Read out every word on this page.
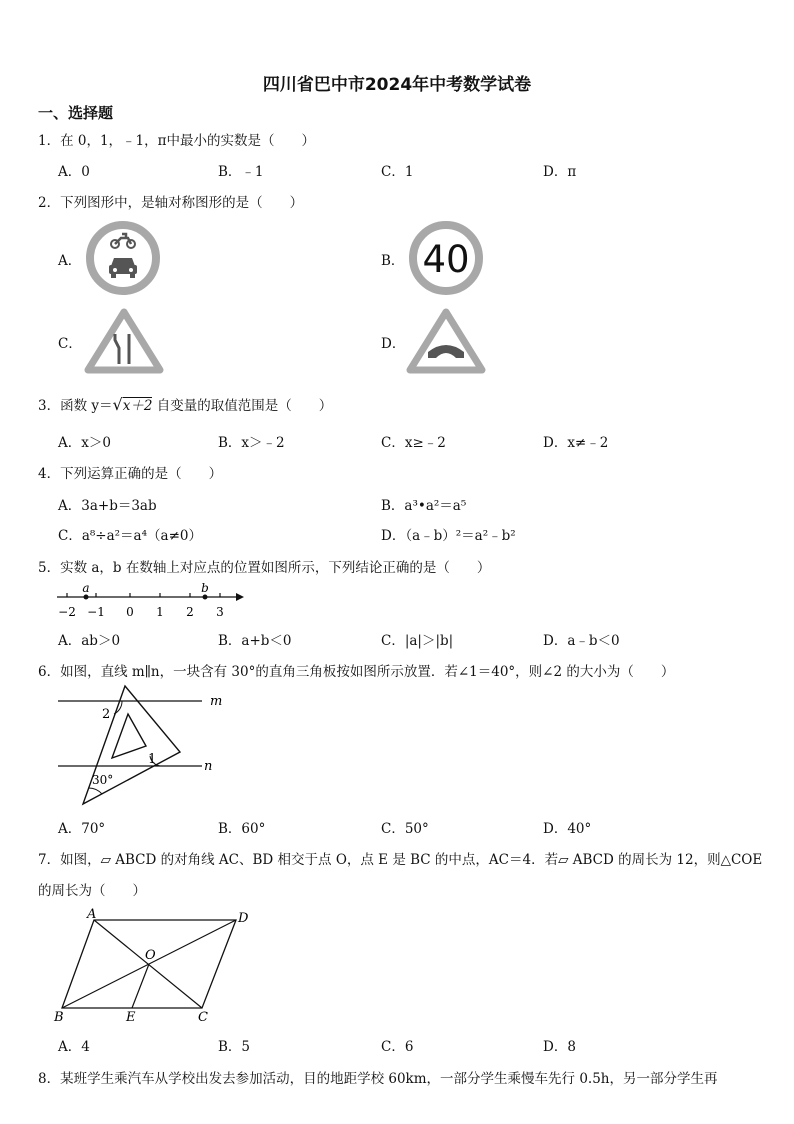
四川省巴中市2024年中考数学试卷
一、选择题
1．在 0，1，﹣1，π中最小的实数是（　　）
A．0	B．﹣1	C．1	D．π
2．下列图形中，是轴对称图形的是（　　）
A．	B． 40
C．	D．
3．函数 y＝√x＋2 自变量的取值范围是（　　）
A．x＞0	B．x＞﹣2	C．x≥﹣2	D．x≠﹣2
4．下列运算正确的是（　　）
A．3a+b＝3ab	B．a³•a²＝a⁵
C．a⁸÷a²＝a⁴（a≠0）	D．（a﹣b）²＝a²﹣b²
5．实数 a，b 在数轴上对应点的位置如图所示，下列结论正确的是（　　）
a	b
−2 −1 0 1 2 3
A．ab＞0	B．a+b＜0	C．|a|＞|b|	D．a﹣b＜0
6．如图，直线 m∥n，一块含有 30°的直角三角板按如图所示放置．若∠1＝40°，则∠2 的大小为（　　）
m
n
2
1
30°
A．70°	B．60°	C．50°	D．40°
7．如图，▱ ABCD 的对角线 AC、BD 相交于点 O，点 E 是 BC 的中点，AC＝4．若▱ ABCD 的周长为 12，则△COE
的周长为（　　）
A	D
B	C
O
E
A．4	B．5	C．6	D．8
8．某班学生乘汽车从学校出发去参加活动，目的地距学校 60km，一部分学生乘慢车先行 0.5h，另一部分学生再
